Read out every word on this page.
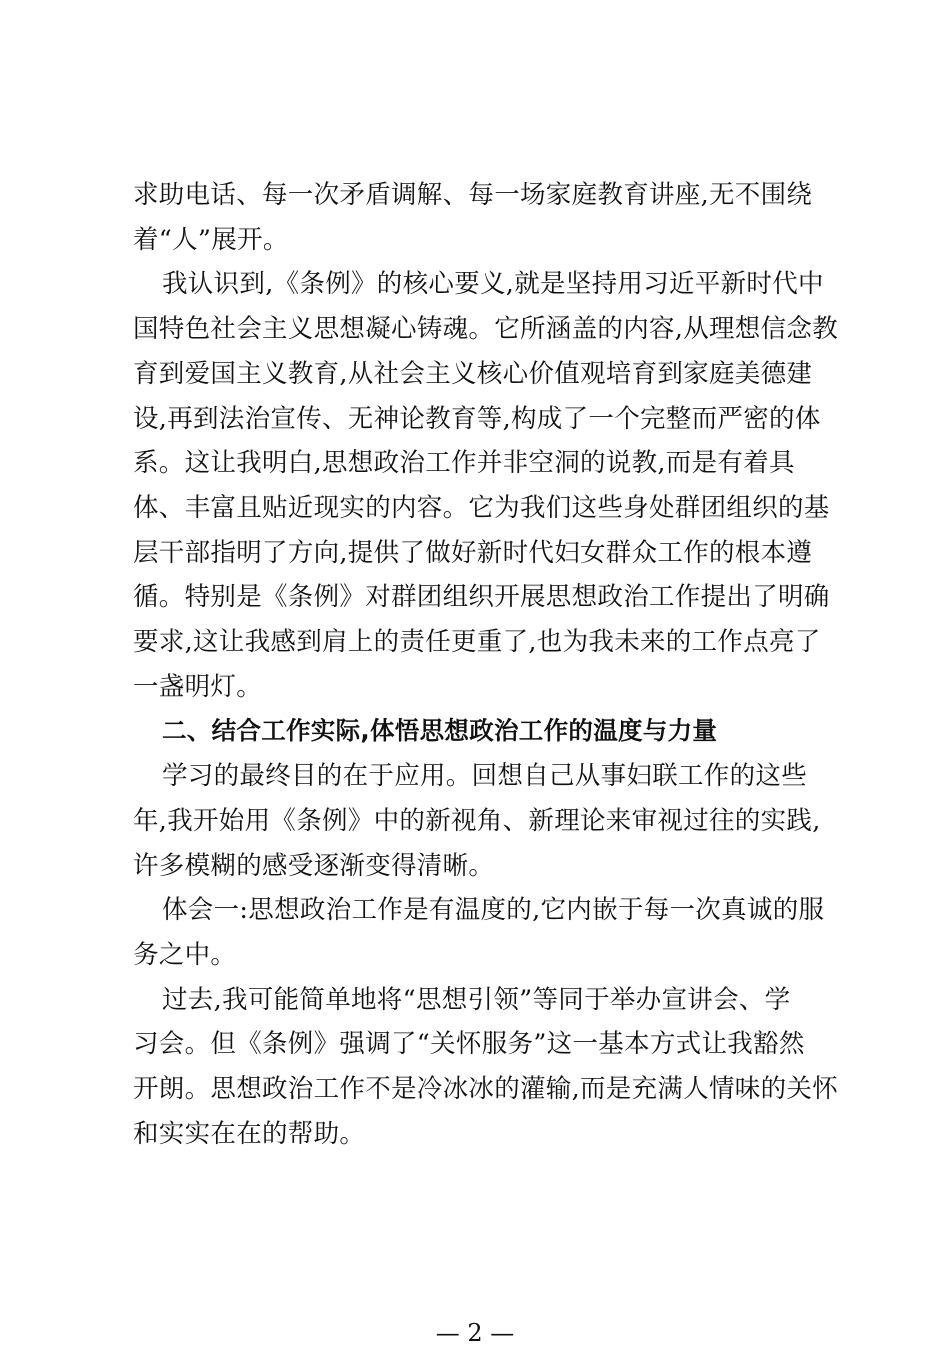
求助电话、每一次矛盾调解、每一场家庭教育讲座,无不围绕
着“人”展开。
我认识到,《条例》的核心要义,就是坚持用习近平新时代中
国特色社会主义思想凝心铸魂。它所涵盖的内容,从理想信念教
育到爱国主义教育,从社会主义核心价值观培育到家庭美德建
设,再到法治宣传、无神论教育等,构成了一个完整而严密的体
系。这让我明白,思想政治工作并非空洞的说教,而是有着具
体、丰富且贴近现实的内容。它为我们这些身处群团组织的基
层干部指明了方向,提供了做好新时代妇女群众工作的根本遵
循。特别是《条例》对群团组织开展思想政治工作提出了明确
要求,这让我感到肩上的责任更重了,也为我未来的工作点亮了
一盏明灯。
二、结合工作实际,体悟思想政治工作的温度与力量
学习的最终目的在于应用。回想自己从事妇联工作的这些
年,我开始用《条例》中的新视角、新理论来审视过往的实践,
许多模糊的感受逐渐变得清晰。
体会一:思想政治工作是有温度的,它内嵌于每一次真诚的服
务之中。
过去,我可能简单地将“思想引领”等同于举办宣讲会、学
习会。但《条例》强调了“关怀服务”这一基本方式让我豁然
开朗。思想政治工作不是冷冰冰的灌输,而是充满人情味的关怀
和实实在在的帮助。
— 2 —
